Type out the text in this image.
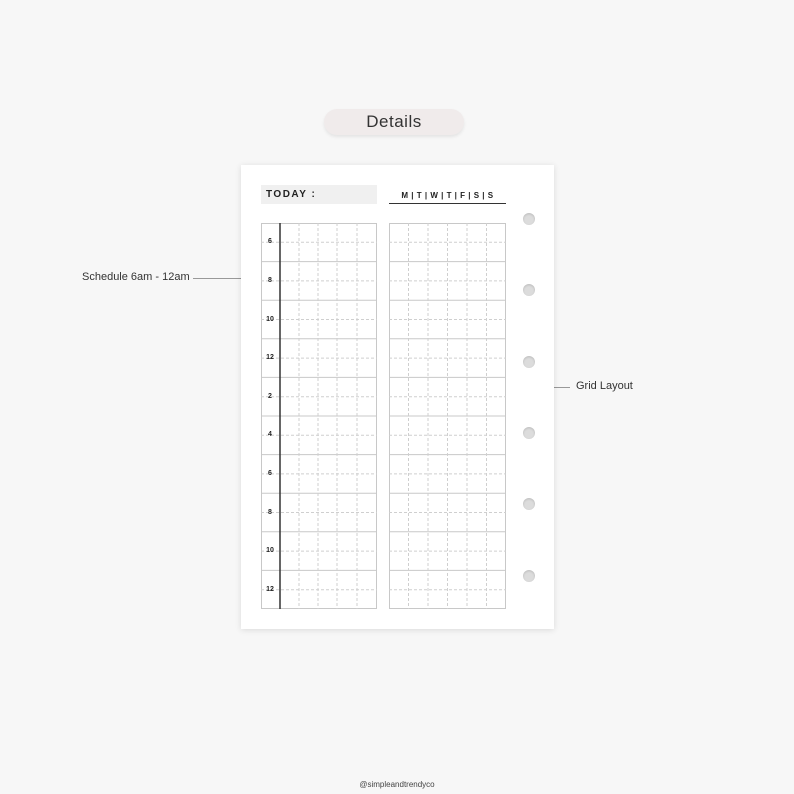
Details
Schedule 6am - 12am
Grid Layout
TODAY :	M | T | W | T | F | S | S
6
8
10
12
2
4
6
8
10
12
@simpleandtrendyco
